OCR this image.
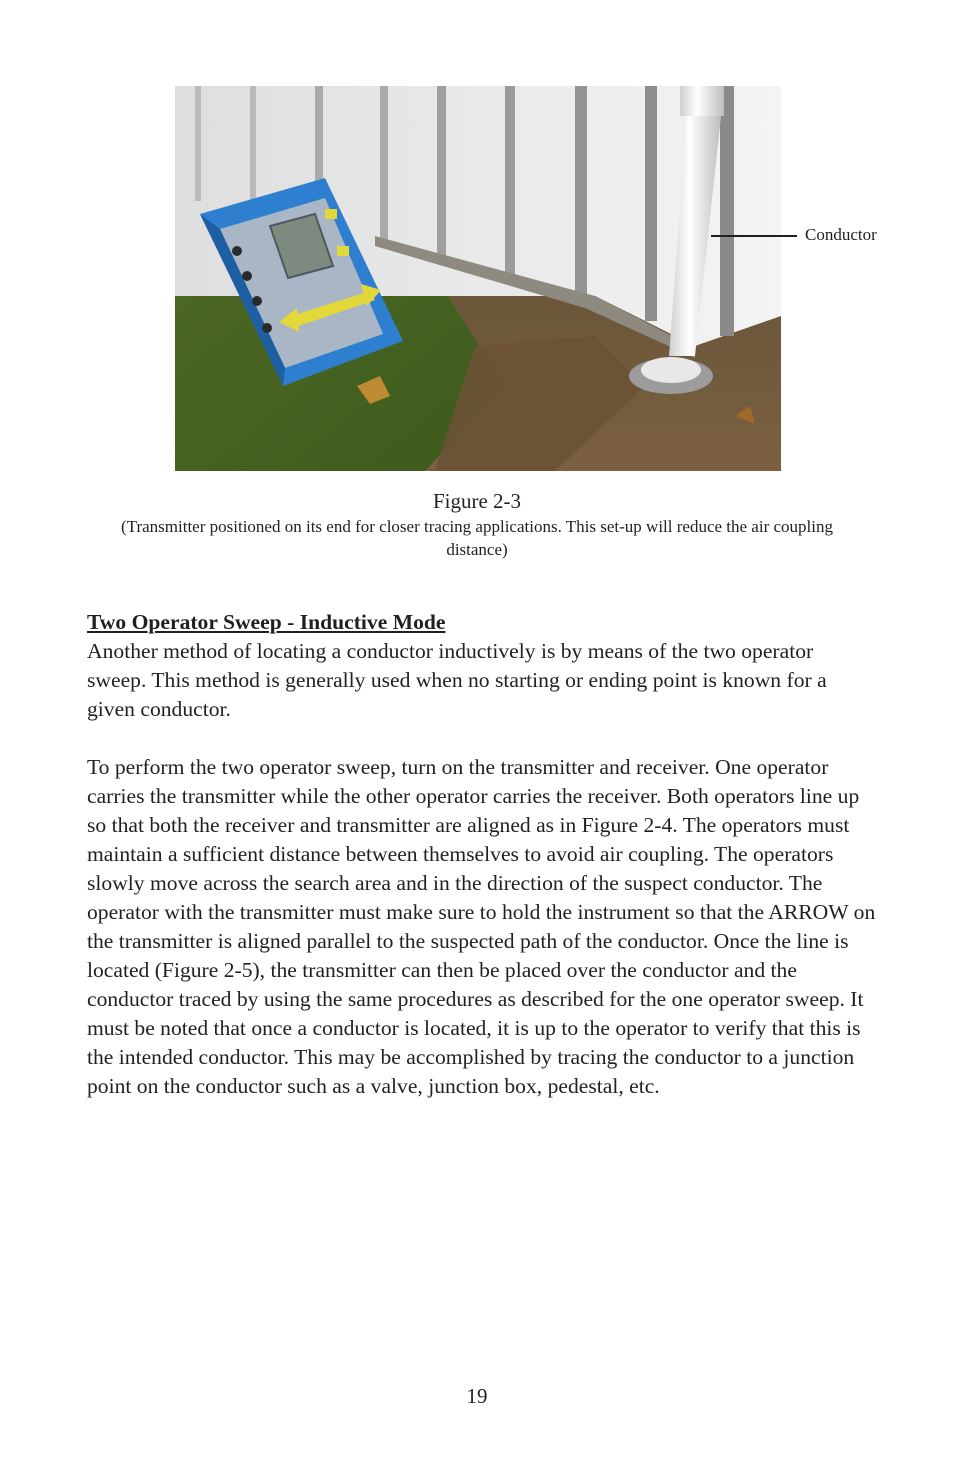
Conductor
Figure 2-3
(Transmitter positioned on its end for closer tracing applications. This set-up will reduce the air coupling distance)
Two Operator Sweep - Inductive Mode

Another method of locating a conductor inductively is by means of the two operator sweep. This method is generally used when no starting or ending point is known for a given conductor.

To perform the two operator sweep, turn on the transmitter and receiver. One operator carries the transmitter while the other operator carries the receiver. Both operators line up so that both the receiver and transmitter are aligned as in Figure 2-4. The operators must maintain a sufficient distance between themselves to avoid air coupling. The operators slowly move across the search area and in the direction of the suspect conductor. The operator with the transmitter must make sure to hold the instrument so that the ARROW on the transmitter is aligned parallel to the suspected path of the conductor. Once the line is located (Figure 2-5), the transmitter can then be placed over the conductor and the conductor traced by using the same procedures as described for the one operator sweep. It must be noted that once a conductor is located, it is up to the operator to verify that this is the intended conductor. This may be accomplished by tracing the conductor to a junction point on the conductor such as a valve, junction box, pedestal, etc.

19
